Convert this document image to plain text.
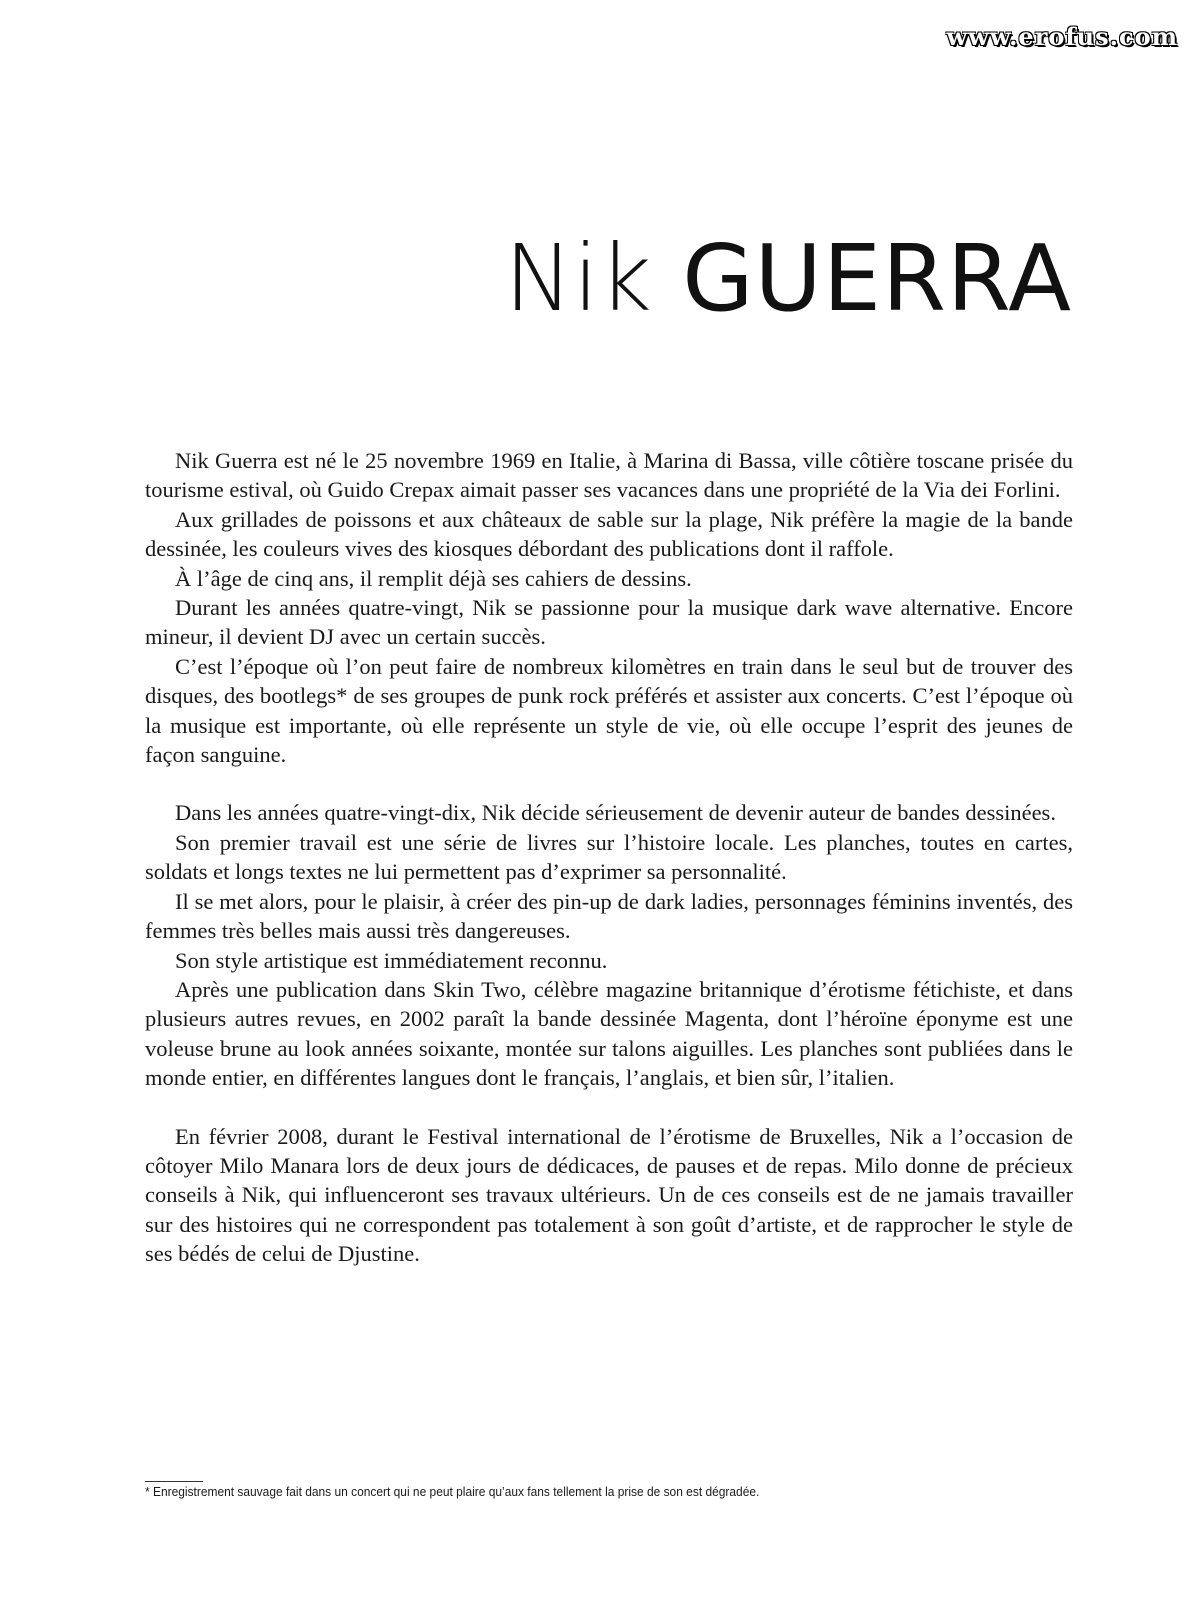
www.erofus.com
Nik GUERRA

Nik Guerra est né le 25 novembre 1969 en Italie, à Marina di Bassa, ville côtière toscane prisée du tourisme estival, où Guido Crepax aimait passer ses vacances dans une propriété de la Via dei Forlini.

Aux grillades de poissons et aux châteaux de sable sur la plage, Nik préfère la magie de la bande dessinée, les couleurs vives des kiosques débordant des publications dont il raffole.

À l’âge de cinq ans, il remplit déjà ses cahiers de dessins.

Durant les années quatre-vingt, Nik se passionne pour la musique dark wave alternative. Encore mineur, il devient DJ avec un certain succès.

C’est l’époque où l’on peut faire de nombreux kilomètres en train dans le seul but de trouver des disques, des bootlegs* de ses groupes de punk rock préférés et assister aux concerts. C’est l’époque où la musique est importante, où elle représente un style de vie, où elle occupe l’esprit des jeunes de façon sanguine.

Dans les années quatre-vingt-dix, Nik décide sérieusement de devenir auteur de bandes dessinées.

Son premier travail est une série de livres sur l’histoire locale. Les planches, toutes en cartes, soldats et longs textes ne lui permettent pas d’exprimer sa personnalité.

Il se met alors, pour le plaisir, à créer des pin-up de dark ladies, personnages féminins inventés, des femmes très belles mais aussi très dangereuses.

Son style artistique est immédiatement reconnu.

Après une publication dans Skin Two, célèbre magazine britannique d’érotisme fétichiste, et dans plusieurs autres revues, en 2002 paraît la bande dessinée Magenta, dont l’héroïne éponyme est une voleuse brune au look années soixante, montée sur talons aiguilles. Les planches sont publiées dans le monde entier, en différentes langues dont le français, l’anglais, et bien sûr, l’italien.

En février 2008, durant le Festival international de l’érotisme de Bruxelles, Nik a l’occasion de côtoyer Milo Manara lors de deux jours de dédicaces, de pauses et de repas. Milo donne de précieux conseils à Nik, qui influenceront ses travaux ultérieurs. Un de ces conseils est de ne jamais travailler sur des histoires qui ne correspondent pas totalement à son goût d’artiste, et de rapprocher le style de ses bédés de celui de Djustine.

* Enregistrement sauvage fait dans un concert qui ne peut plaire qu’aux fans tellement la prise de son est dégradée.
